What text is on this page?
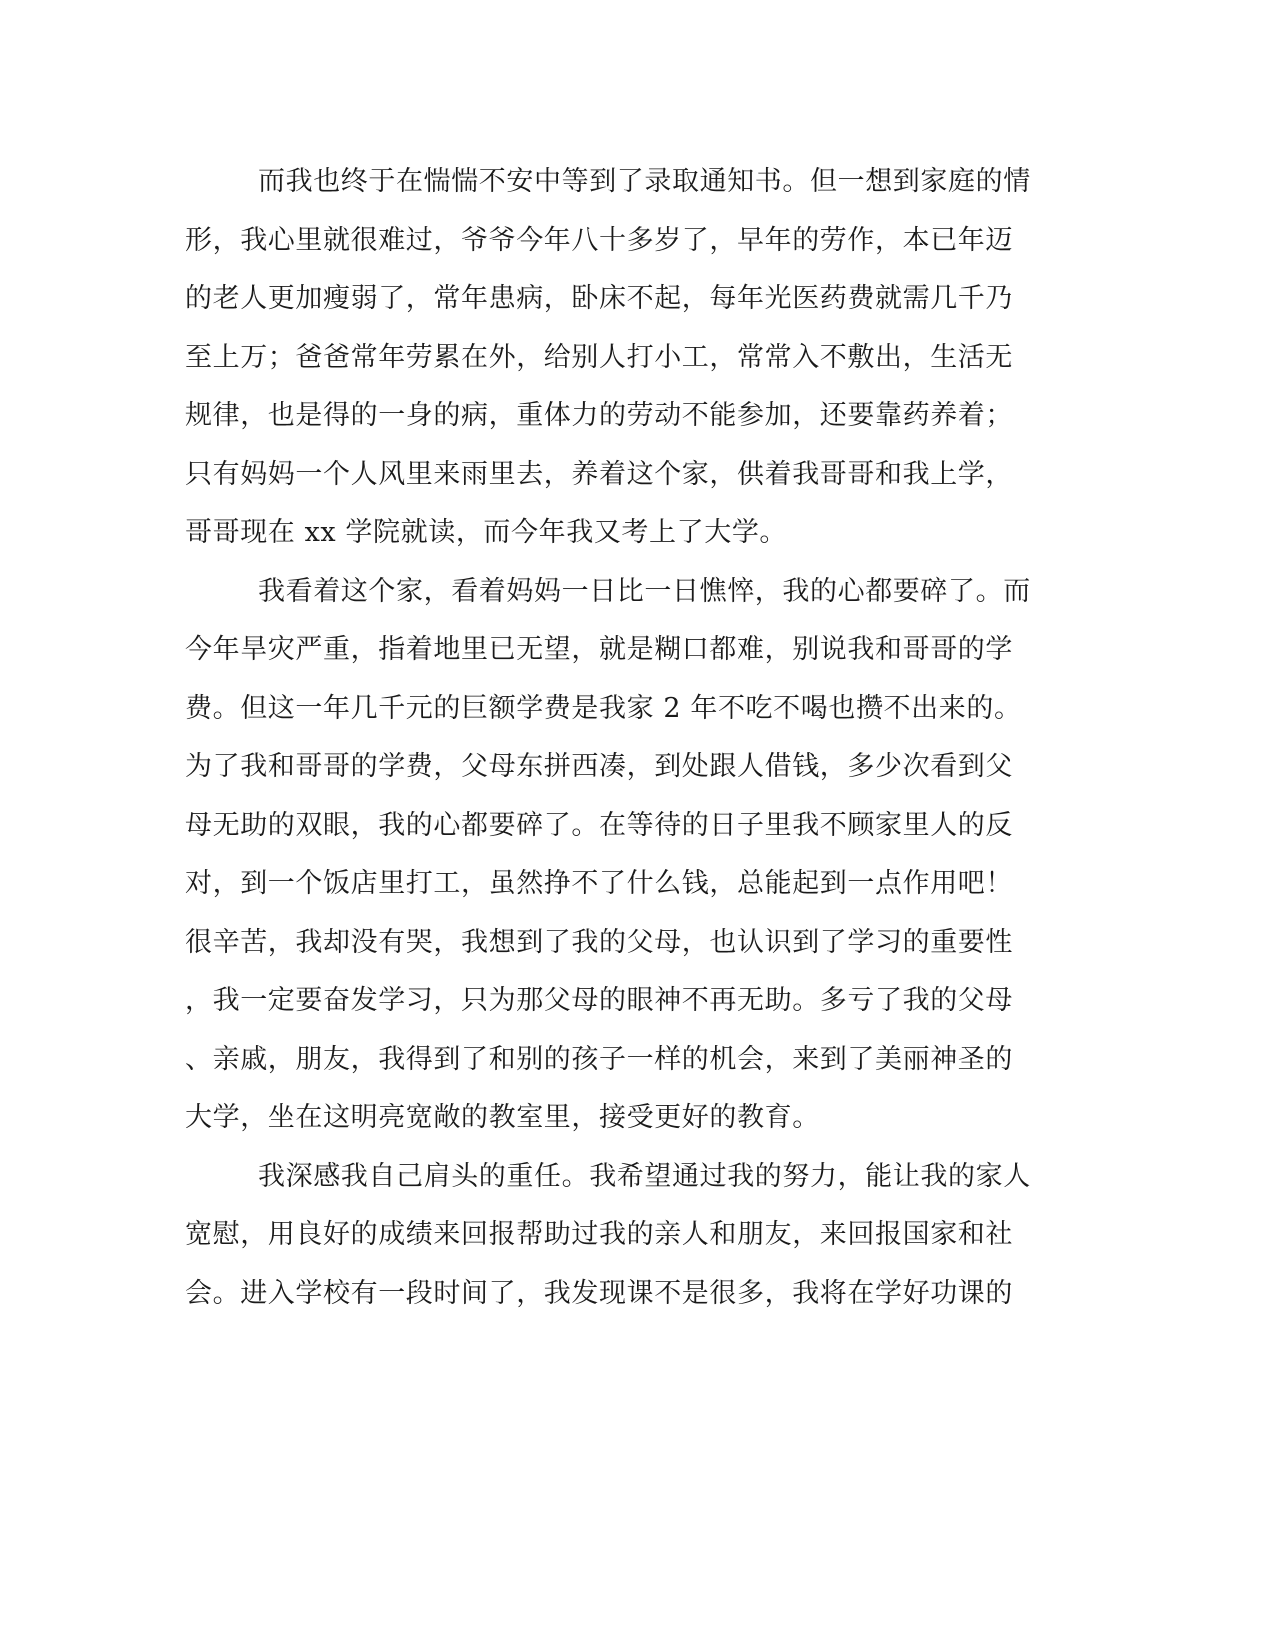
而我也终于在惴惴不安中等到了录取通知书。但一想到家庭的情
形，我心里就很难过，爷爷今年八十多岁了，早年的劳作，本已年迈
的老人更加瘦弱了，常年患病，卧床不起，每年光医药费就需几千乃
至上万；爸爸常年劳累在外，给别人打小工，常常入不敷出，生活无
规律，也是得的一身的病，重体力的劳动不能参加，还要靠药养着；
只有妈妈一个人风里来雨里去，养着这个家，供着我哥哥和我上学，
哥哥现在 xx 学院就读，而今年我又考上了大学。
我看着这个家，看着妈妈一日比一日憔悴，我的心都要碎了。而
今年旱灾严重，指着地里已无望，就是糊口都难，别说我和哥哥的学
费。但这一年几千元的巨额学费是我家 2 年不吃不喝也攒不出来的。
为了我和哥哥的学费，父母东拼西凑，到处跟人借钱，多少次看到父
母无助的双眼，我的心都要碎了。在等待的日子里我不顾家里人的反
对，到一个饭店里打工，虽然挣不了什么钱，总能起到一点作用吧！
很辛苦，我却没有哭，我想到了我的父母，也认识到了学习的重要性
，我一定要奋发学习，只为那父母的眼神不再无助。多亏了我的父母
、亲戚，朋友，我得到了和别的孩子一样的机会，来到了美丽神圣的
大学，坐在这明亮宽敞的教室里，接受更好的教育。
我深感我自己肩头的重任。我希望通过我的努力，能让我的家人
宽慰，用良好的成绩来回报帮助过我的亲人和朋友，来回报国家和社
会。进入学校有一段时间了，我发现课不是很多，我将在学好功课的
